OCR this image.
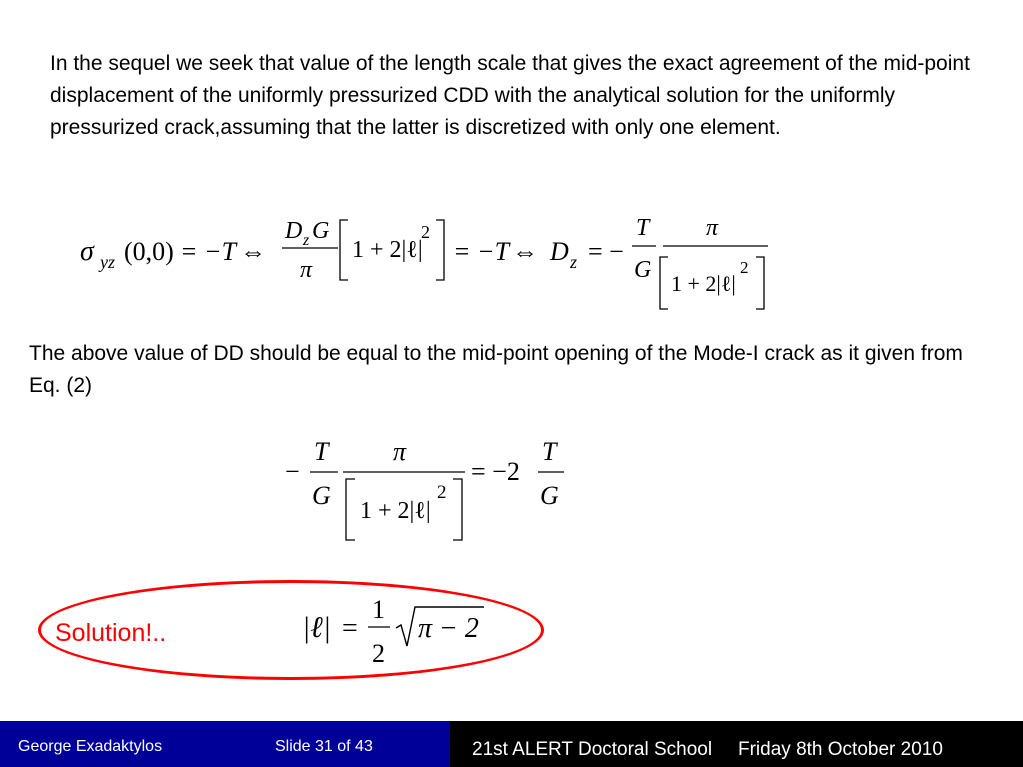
In the sequel we seek that value of the length scale that gives the exact agreement of the mid-point displacement of the uniformly pressurized CDD with the analytical solution for the uniformly pressurized crack,assuming that the latter is discretized with only one element.

σ yz (0,0) = −T ⇔
D z G
π
1 + 2|ℓ|
2
= −T ⇔ D z = −
T
G
π
1 + 2|ℓ|
2

The above value of DD should be equal to the mid-point opening of the Mode-I crack as it given from Eq. (2)

−
T
G
π
1 + 2|ℓ|
2
= −2
T
G
Solution!..	|ℓ| =
1
2
π − 2
George Exadaktylos	Slide 31 of 43	21st ALERT Doctoral School Friday 8th October 2010
